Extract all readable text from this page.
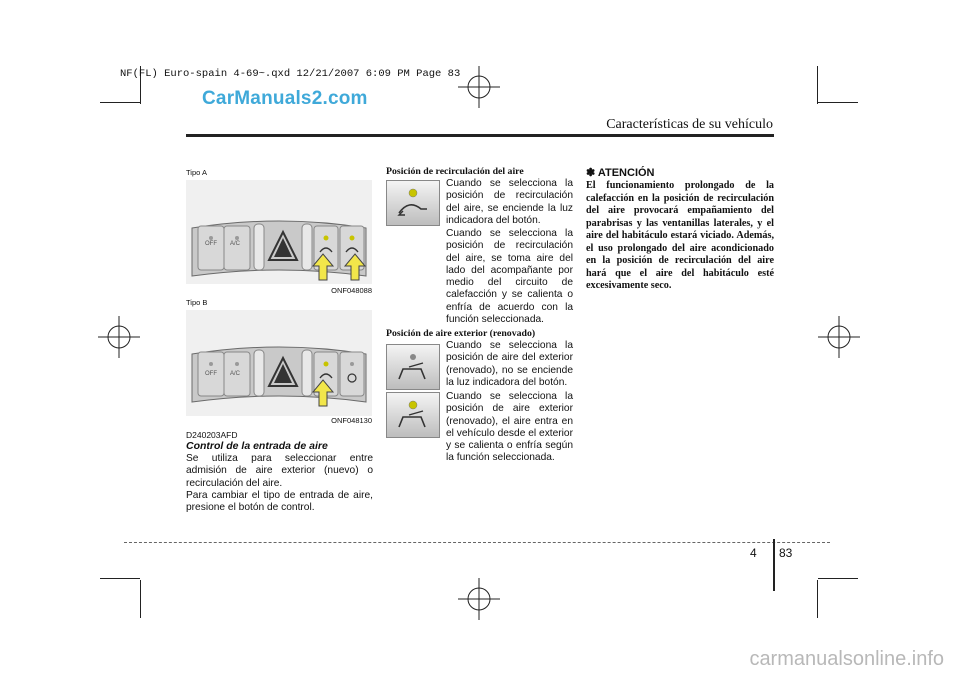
NF(FL) Euro-spain 4-69~.qxd 12/21/2007 6:09 PM Page 83
CarManuals2.com
Características de su vehículo
Tipo A
OFF A/C
ONF048088
Tipo B
OFF A/C
ONF048130
D240203AFD
Control de la entrada de aire
Se utiliza para seleccionar entre admisión de aire exterior (nuevo) o recirculación del aire.
Para cambiar el tipo de entrada de aire, presione el botón de control.
Posición de recirculación del aire
Cuando se selecciona la posición de recirculación del aire, se enciende la luz indicadora del botón.
Cuando se selecciona la posición de recirculación del aire, se toma aire del lado del acompañante por medio del circuito de calefacción y se calienta o enfría de acuerdo con la función seleccionada.
Posición de aire exterior (renovado)
Cuando se selecciona la posición de aire del exterior (renovado), no se enciende la luz indicadora del botón.
Cuando se selecciona la posición de aire exterior (renovado), el aire entra en el vehículo desde el exterior y se calienta o enfría según la función seleccionada.
✽ ATENCIÓN
El funcionamiento prolongado de la calefacción en la posición de recirculación del aire provocará empañamiento del parabrisas y las ventanillas laterales, y el aire del habitáculo estará viciado. Además, el uso prolongado del aire acondicionado en la posición de recirculación del aire hará que el aire del habitáculo esté excesivamente seco.
4 83
carmanualsonline.info
